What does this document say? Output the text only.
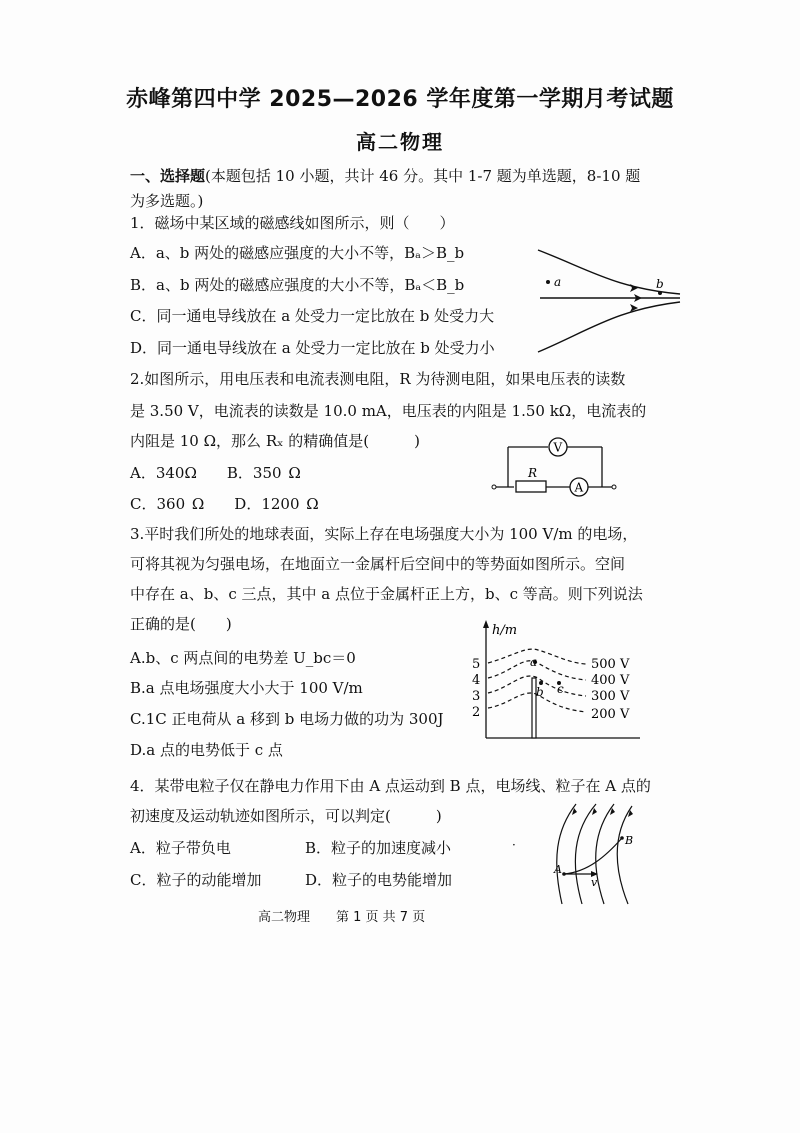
赤峰第四中学 2025—2026 学年度第一学期月考试题
高二物理
一、选择题(本题包括 10 小题，共计 46 分。其中 1-7 题为单选题，8-10 题
为多选题。)
1．磁场中某区域的磁感线如图所示，则（　　）
A．a、b 两处的磁感应强度的大小不等，Bₐ＞B_b
B．a、b 两处的磁感应强度的大小不等，Bₐ＜B_b
C．同一通电导线放在 a 处受力一定比放在 b 处受力大
D．同一通电导线放在 a 处受力一定比放在 b 处受力小
a	b
2.如图所示，用电压表和电流表测电阻，R 为待测电阻，如果电压表的读数
是 3.50 V，电流表的读数是 10.0 mA，电压表的内阻是 1.50 kΩ，电流表的
内阻是 10 Ω，那么 Rₓ 的精确值是(　　　)
A．340Ω　　B．350 Ω
C．360 Ω　　D．1200 Ω
V
R
A
3.平时我们所处的地球表面，实际上存在电场强度大小为 100 V/m 的电场，
可将其视为匀强电场，在地面立一金属杆后空间中的等势面如图所示。空间
中存在 a、b、c 三点，其中 a 点位于金属杆正上方，b、c 等高。则下列说法
正确的是(　　)
A.b、c 两点间的电势差 U_bc＝0
B.a 点电场强度大小大于 100 V/m
C.1C 正电荷从 a 移到 b 电场力做的功为 300J
D.a 点的电势低于 c 点
h/m
5
4
3
2
a
b c
500 V
400 V
300 V
200 V
4．某带电粒子仅在静电力作用下由 A 点运动到 B 点，电场线、粒子在 A 点的
初速度及运动轨迹如图所示，可以判定(　　　)
A．粒子带负电	B．粒子的加速度减小
C．粒子的动能增加	D．粒子的电势能增加
A
B
v
·
高二物理　　第 1 页 共 7 页
